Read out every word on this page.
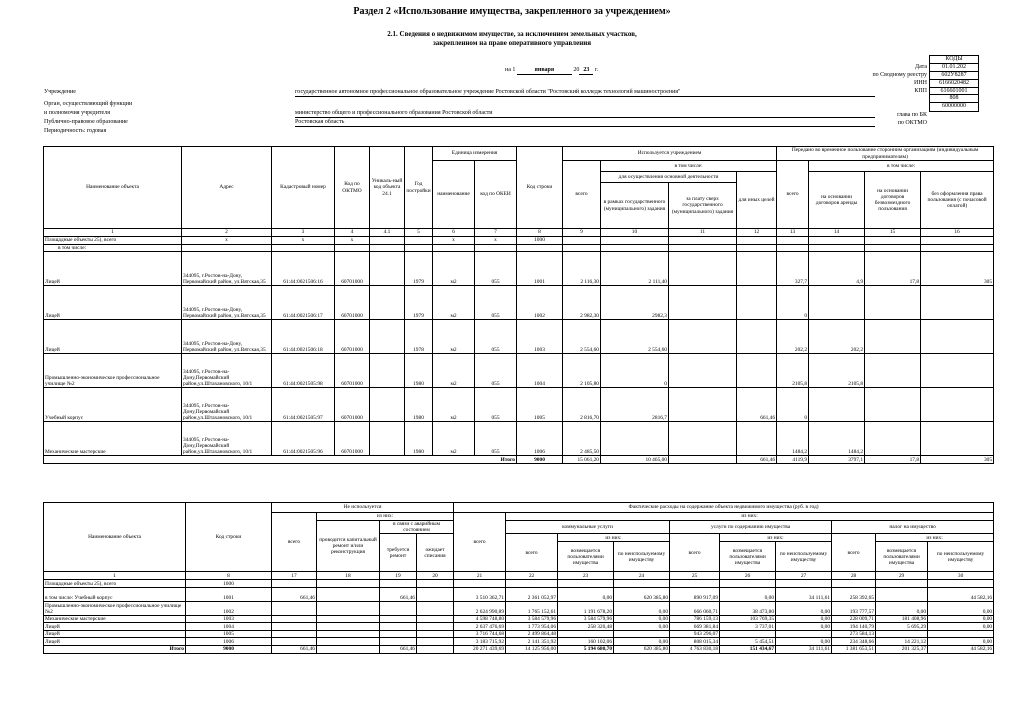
Раздел 2 «Использование имущества, закрепленного за учреждением»
2.1. Сведения о недвижимом имуществе, за исключением земельных участков,
закрепленном на праве оперативного управления
на 1	января	20 23 г.
КОДЫ
01.01.202
602У8287
6166020482
616601001
808
60000000
Дата
по Сводному реестру
ИНН
КПП
глава по БК
по ОКТМО
Учреждение	государственное автономное профессиональное образовательное учреждение Ростовской области "Ростовский колледж технологий машиностроения"
Орган, осуществляющий функции
и полномочия учредителя	министерство общего и профессионального образования Ростовской области
Публично-правовое образование	Ростовская область
Периодичность: годовая
Наименование объекта	Адрес	Кадастровый номер	Код по ОКТМО	Уникаль-ный код объекта 24.1	Год постройки	Единица измерения		Код строки	Используется учреждением				Передано во временное пользование сторонним организациям (индивидуальным предпринимателям)			
						наименование	код по ОКЕИ		всего	в том числе:			всего	в том числе:		
										для осуществления основной деятельности		для иных целей		на основании договоров аренды	на основании договоров безвозмездного пользования	без оформления права пользования (с почасовой оплатой)
										в рамках государственного (муниципального) задания	за плату сверх государственного (муниципального) задания					
1	2	3	4	4.1	5	6	7	8	9	10	11	12	13	14	15	16
Площадные объекты 25), всего	х	х	х			х	х	1000								
в том числе:																
Лицей	344095, г.Ростов-на-Дону, Первомайский район, ул.Вятская,35	61:44:0021506:16	60701000		1979	м2	055	1001	2 116,30	2 111,40			327,7	4,9	17,8	305
Лицей	344095, г.Ростов-на-Дону, Первомайский район, ул.Вятская,35	61:44:0021506:17	60701000		1979	м2	055	1002	2 982,30	2982,3			0			
Лицей	344095, г.Ростов-на-Дону, Первомайский район, ул.Вятская,35	61:44:0021506:18	60701000		1978	м2	055	1003	2 554,60	2 554,60			202,2	202,2		
Промышленно-экономическое профессиональное училище №2	344095, г.Ростов-на-Дону,Первомайский район,ул.Штахановского, 10/1	61:44:0021505:98	60701000		1980	м2	055	1004	2 105,80	0			2105,8	2105,8		
Учебный корпус	344095, г.Ростов-на-Дону,Первомайский район,ул.Штахановского, 10/1	61:44:0021505:97	60701000		1980	м2	055	1005	2 816,70	2816,7		661,46	0			
Механические мастерские	344095, г.Ростов-на-Дону,Первомайский район,ул.Штахановского, 10/1	61:44:0021505:96	60701000		1980	м2	055	1006	2 485,50				1484,2	1484,2		
Итого								9000	15 061,20	10 465,00		661,46	4119,9	3797,1	17,8	305
Наименование объекта	Код строки	Не используется				Фактические расходы на содержание объекта недвижимого имущества (руб. в год)									
		всего	из них:			всего	из них:								
			проводится капитальный ремонт и/или реконструкция	в связи с аварийным состоянием			коммунальные услуги			услуги по содержанию имущества			налог на имущество		
				требуется ремонт	ожидает списания		всего	из них:		всего	из них:		всего	из них:	
								возмещается пользователями имущества	по неиспользуемому имуществу		возмещается пользователями имущества	по неиспользуемому имуществу		возмещается пользователями имущества	по неиспользуемому имуществу
1	8	17	18	19	20	21	22	23	24	25	26	27	28	29	30
Площадные объекты 25), всего	1000														
в том числе: Учебный корпус	1001	661,46		661,46		3 510 362,71	2 361 052,97	0,00	620 385,80	890 917,09	0,00	34 111,61	258 392,65		44 582,16
Промышленно-экономическое профессиональное училище №2	1002					2 624 990,89	1 765 152,61	1 191 678,20	0,00	666 060,71	38 473,80	0,00	193 777,57	0,00	0,00
Механические мастерские	1003					4 598 748,80	3 584 579,96	3 584 579,96	0,00	786 159,13	103 769,35	0,00	228 009,71	181 408,96	0,00
Лицей	1004					2 637 476,69	1 773 954,06	258 320,48	0,00	669 381,84	3 737,01	0,00	194 140,79	5 695,29	0,00
Лицей	1005					3 716 744,68	2 499 864,48			943 296,07			273 584,13		
Лицей	1006					3 183 715,92	2 141 351,92	160 102,06	0,00	808 015,34	5 454,51	0,00	234 348,66	14 221,12	0,00
Итого	9000	661,46		661,46		20 271 439,69	14 125 956,00	5 194 680,70	620 385,80	4 763 830,18	151 434,67	34 111,61	1 381 653,51	201 325,37	44 582,16
